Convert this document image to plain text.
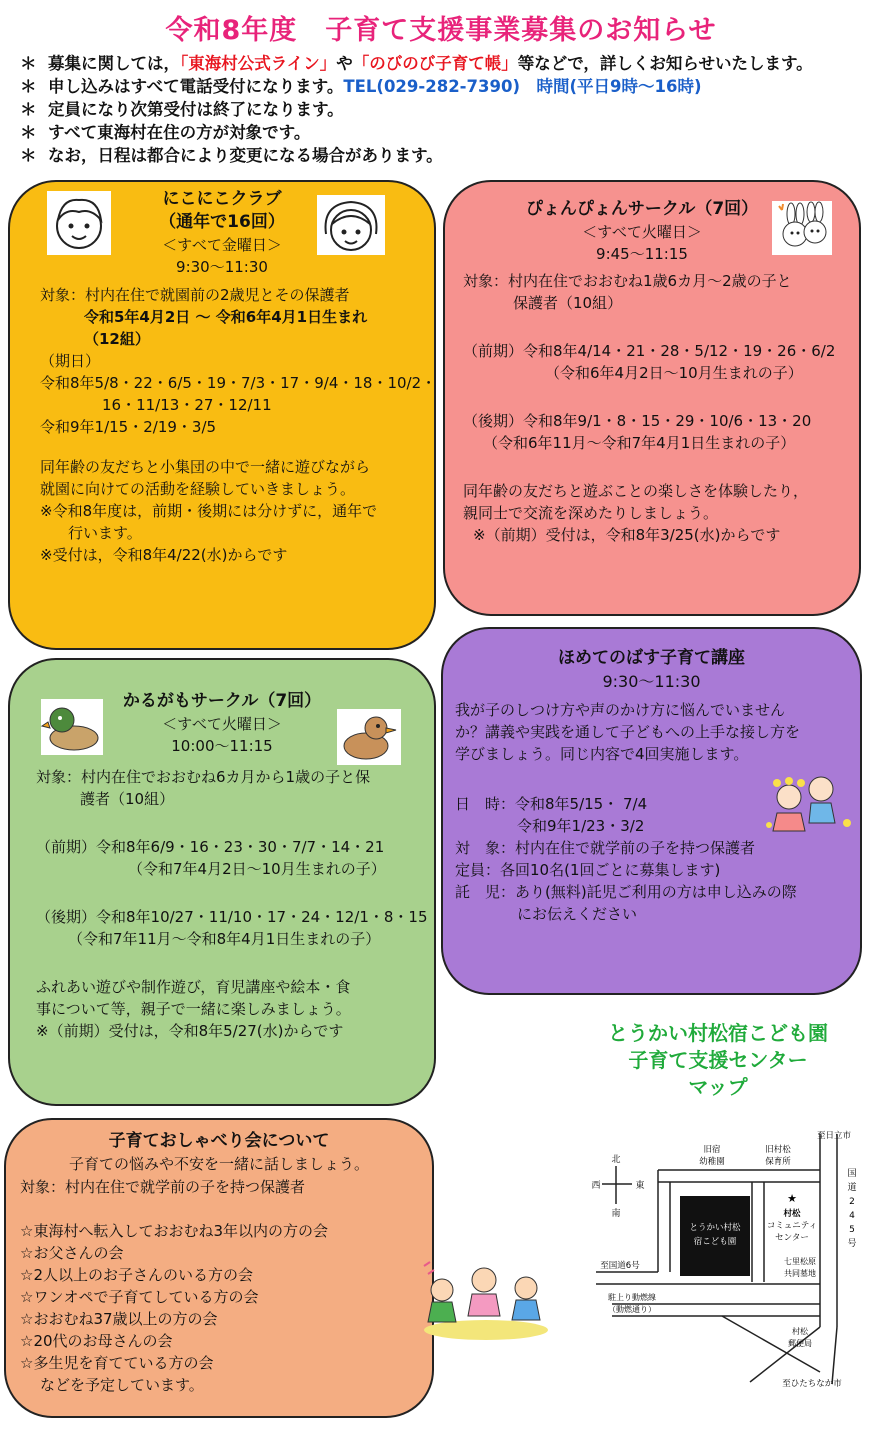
令和8年度　子育て支援事業募集のお知らせ
＊ 募集に関しては，「東海村公式ライン」や「のびのび子育て帳」等などで，詳しくお知らせいたします。
＊ 申し込みはすべて電話受付になります。TEL(029-282-7390)　時間(平日9時～16時)
＊ 定員になり次第受付は終了になります。
＊ すべて東海村在住の方が対象です。
＊ なお，日程は都合により変更になる場合があります。
にこにこクラブ
（通年で16回）
＜すべて金曜日＞
9:30～11:30
対象：村内在住で就園前の2歳児とその保護者
令和5年4月2日 ～ 令和6年4月1日生まれ
（12組）
（期日）
令和8年5/8・22・6/5・19・7/3・17・9/4・18・10/2・
16・11/13・27・12/11
令和9年1/15・2/19・3/5
同年齢の友だちと小集団の中で一緒に遊びながら
就園に向けての活動を経験していきましょう。
※令和8年度は，前期・後期には分けずに，通年で
行います。
※受付は，令和8年4/22(水)からです
ぴょんぴょんサークル（7回）
＜すべて火曜日＞
9:45～11:15
対象：村内在住でおおむね1歳6カ月～2歳の子と
保護者（10組）
（前期）令和8年4/14・21・28・5/12・19・26・6/2
（令和6年4月2日～10月生まれの子）
（後期）令和8年9/1・8・15・29・10/6・13・20
（令和6年11月～令和7年4月1日生まれの子）
同年齢の友だちと遊ぶことの楽しさを体験したり，
親同士で交流を深めたりしましょう。
※（前期）受付は，令和8年3/25(水)からです
ほめてのばす子育て講座
9:30～11:30
我が子のしつけ方や声のかけ方に悩んでいません
か？講義や実践を通して子どもへの上手な接し方を
学びましょう。同じ内容で4回実施します。
日　時：令和8年5/15・ 7/4
令和9年1/23・3/2
対　象：村内在住で就学前の子を持つ保護者
定員：各回10名(1回ごとに募集します)
託　児：あり(無料)託児ご利用の方は申し込みの際
にお伝えください
かるがもサークル（7回）
＜すべて火曜日＞
10:00～11:15
対象：村内在住でおおむね6カ月から1歳の子と保
護者（10組）
（前期）令和8年6/9・16・23・30・7/7・14・21
（令和7年4月2日～10月生まれの子）
（後期）令和8年10/27・11/10・17・24・12/1・8・15
（令和7年11月～令和8年4月1日生まれの子）
ふれあい遊びや制作遊び，育児講座や絵本・食
事について等，親子で一緒に楽しみましょう。
※（前期）受付は，令和8年5/27(水)からです
子育ておしゃべり会について
子育ての悩みや不安を一緒に話しましょう。
対象：村内在住で就学前の子を持つ保護者
☆東海村へ転入しておおむね3年以内の方の会
☆お父さんの会
☆2人以上のお子さんのいる方の会
☆ワンオペで子育てしている方の会
☆おおむね37歳以上の方の会
☆20代のお母さんの会
☆多生児を育てている方の会
などを予定しています。
とうかい村松宿こども園
子育て支援センター
マップ
とうかい村松
宿こども園
北
南
西	東
旧宿
幼稚園
旧村松
保育所
至日立市
国
道
2
4
5
号
★
村松
コミュニティ
センター
七里松原
共同墓地
至国道6号
駐上り動燃線
（動燃通り）
村松
郵便局
至ひたちなか市
